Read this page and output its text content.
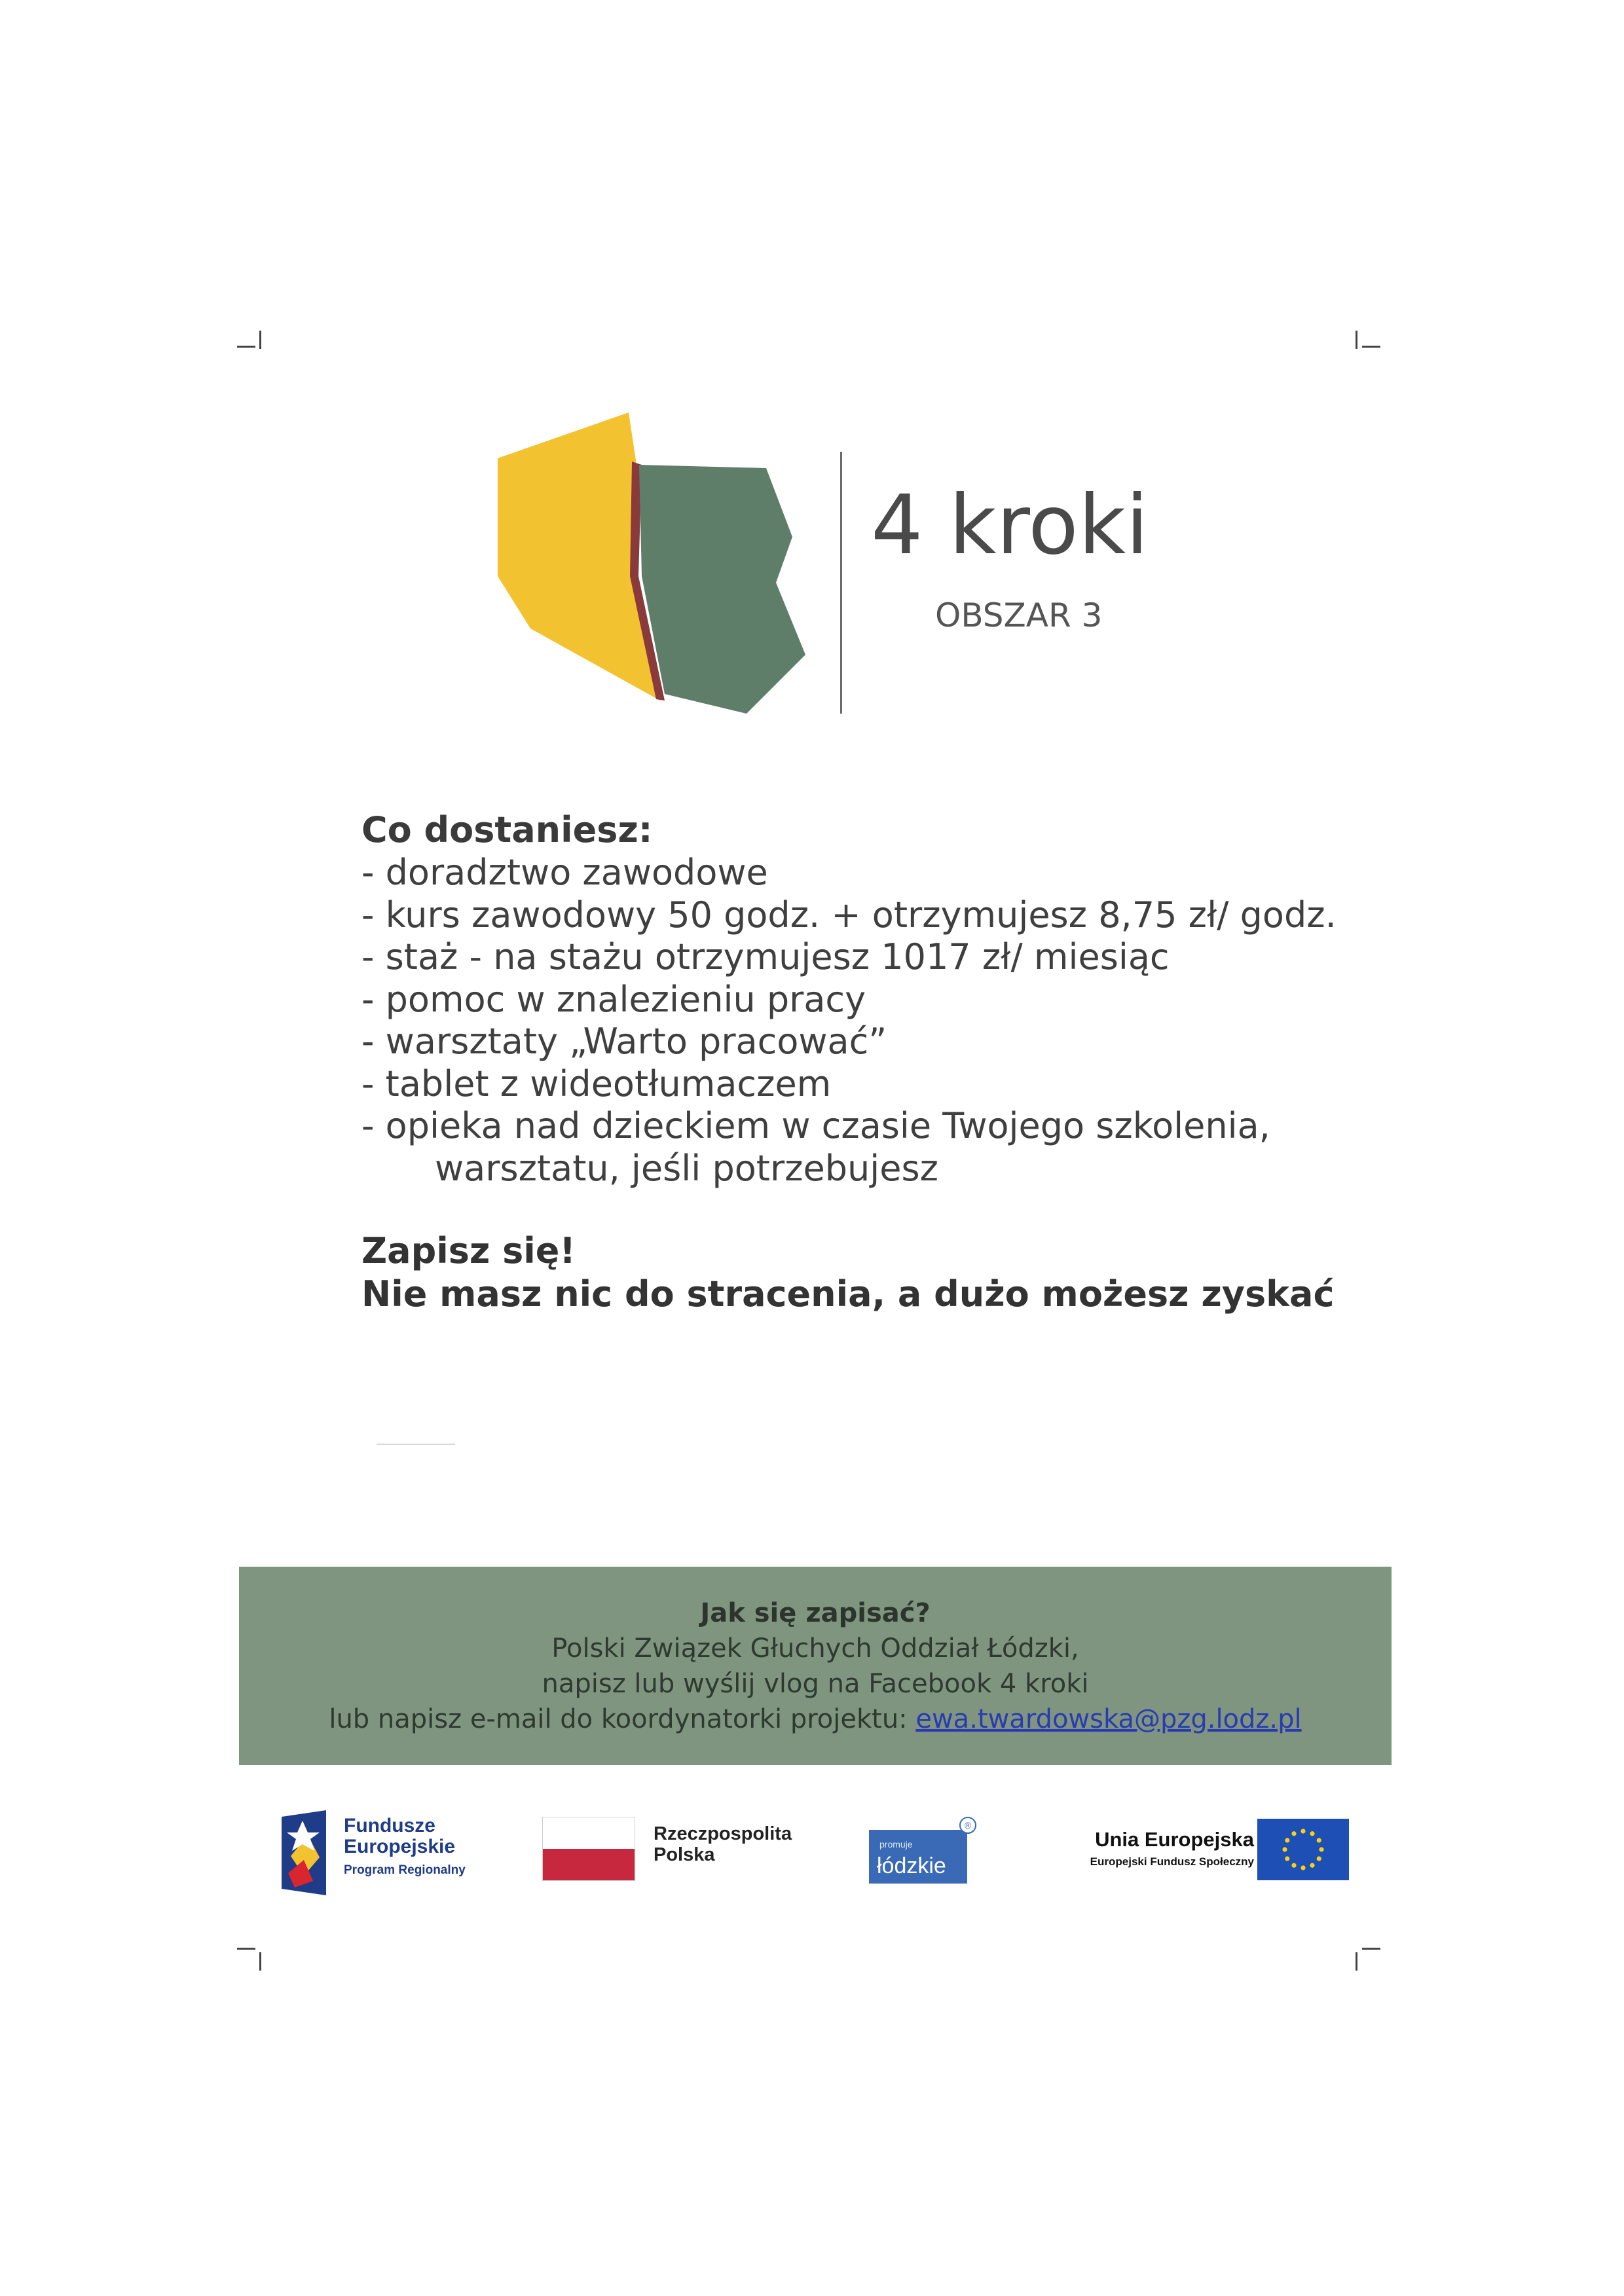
4 kroki
OBSZAR 3

Co dostaniesz:

- doradztwo zawodowe
- kurs zawodowy 50 godz. + otrzymujesz 8,75 zł/ godz.
- staż - na stażu otrzymujesz 1017 zł/ miesiąc
- pomoc w znalezieniu pracy
- warsztaty „Warto pracować”
- tablet z wideotłumaczem
- opieka nad dzieckiem w czasie Twojego szkolenia,
warsztatu, jeśli potrzebujesz

Zapisz się!

Nie masz nic do stracenia, a dużo możesz zyskać

Jak się zapisać?

Polski Związek Głuchych Oddział Łódzki,

napisz lub wyślij vlog na Facebook 4 kroki

lub napisz e-mail do koordynatorki projektu: ewa.twardowska@pzg.lodz.pl

Fundusze
Europejskie
Program Regionalny
Rzeczpospolita
Polska	promuje
łódzkie
®
Unia Europejska
Europejski Fundusz Społeczny
